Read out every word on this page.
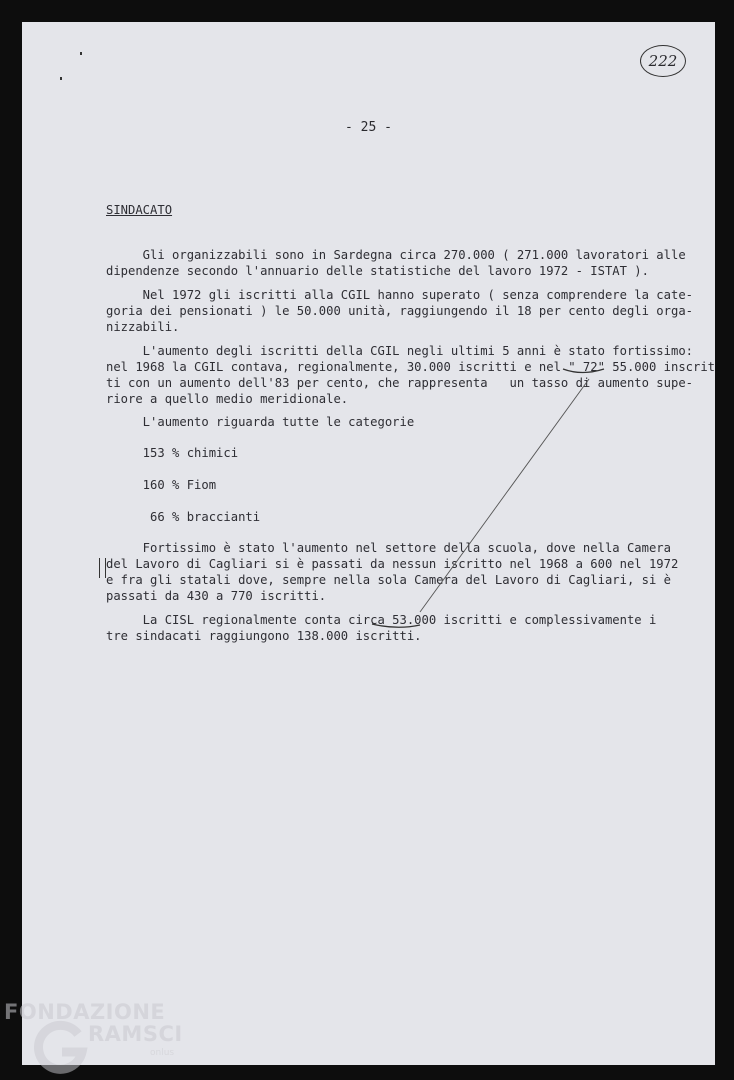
- 25 -
222

SINDACATO

Gli organizzabili sono in Sardegna circa 270.000 ( 271.000 lavoratori alle

dipendenze secondo l'annuario delle statistiche del lavoro 1972 - ISTAT ).

Nel 1972 gli iscritti alla CGIL hanno superato ( senza comprendere la cate-

goria dei pensionati ) le 50.000 unità, raggiungendo il 18 per cento degli orga-

nizzabili.

L'aumento degli iscritti della CGIL negli ultimi 5 anni è stato fortissimo:

nel 1968 la CGIL contava, regionalmente, 30.000 iscritti e nel " 72" 55.000 inscrit

ti con un aumento dell'83 per cento, che rappresenta   un tasso di aumento supe-

riore a quello medio meridionale.

L'aumento riguarda tutte le categorie

153 % chimici

160 % Fiom

66 % braccianti

Fortissimo è stato l'aumento nel settore della scuola, dove nella Camera

del Lavoro di Cagliari si è passati da nessun iscritto nel 1968 a 600 nel 1972

e fra gli statali dove, sempre nella sola Camera del Lavoro di Cagliari, si è

passati da 430 a 770 iscritti.

La CISL regionalmente conta circa 53.000 iscritti e complessivamente i

tre sindacati raggiungono 138.000 iscritti.

FONDAZIONE
RAMSCI
onlus
